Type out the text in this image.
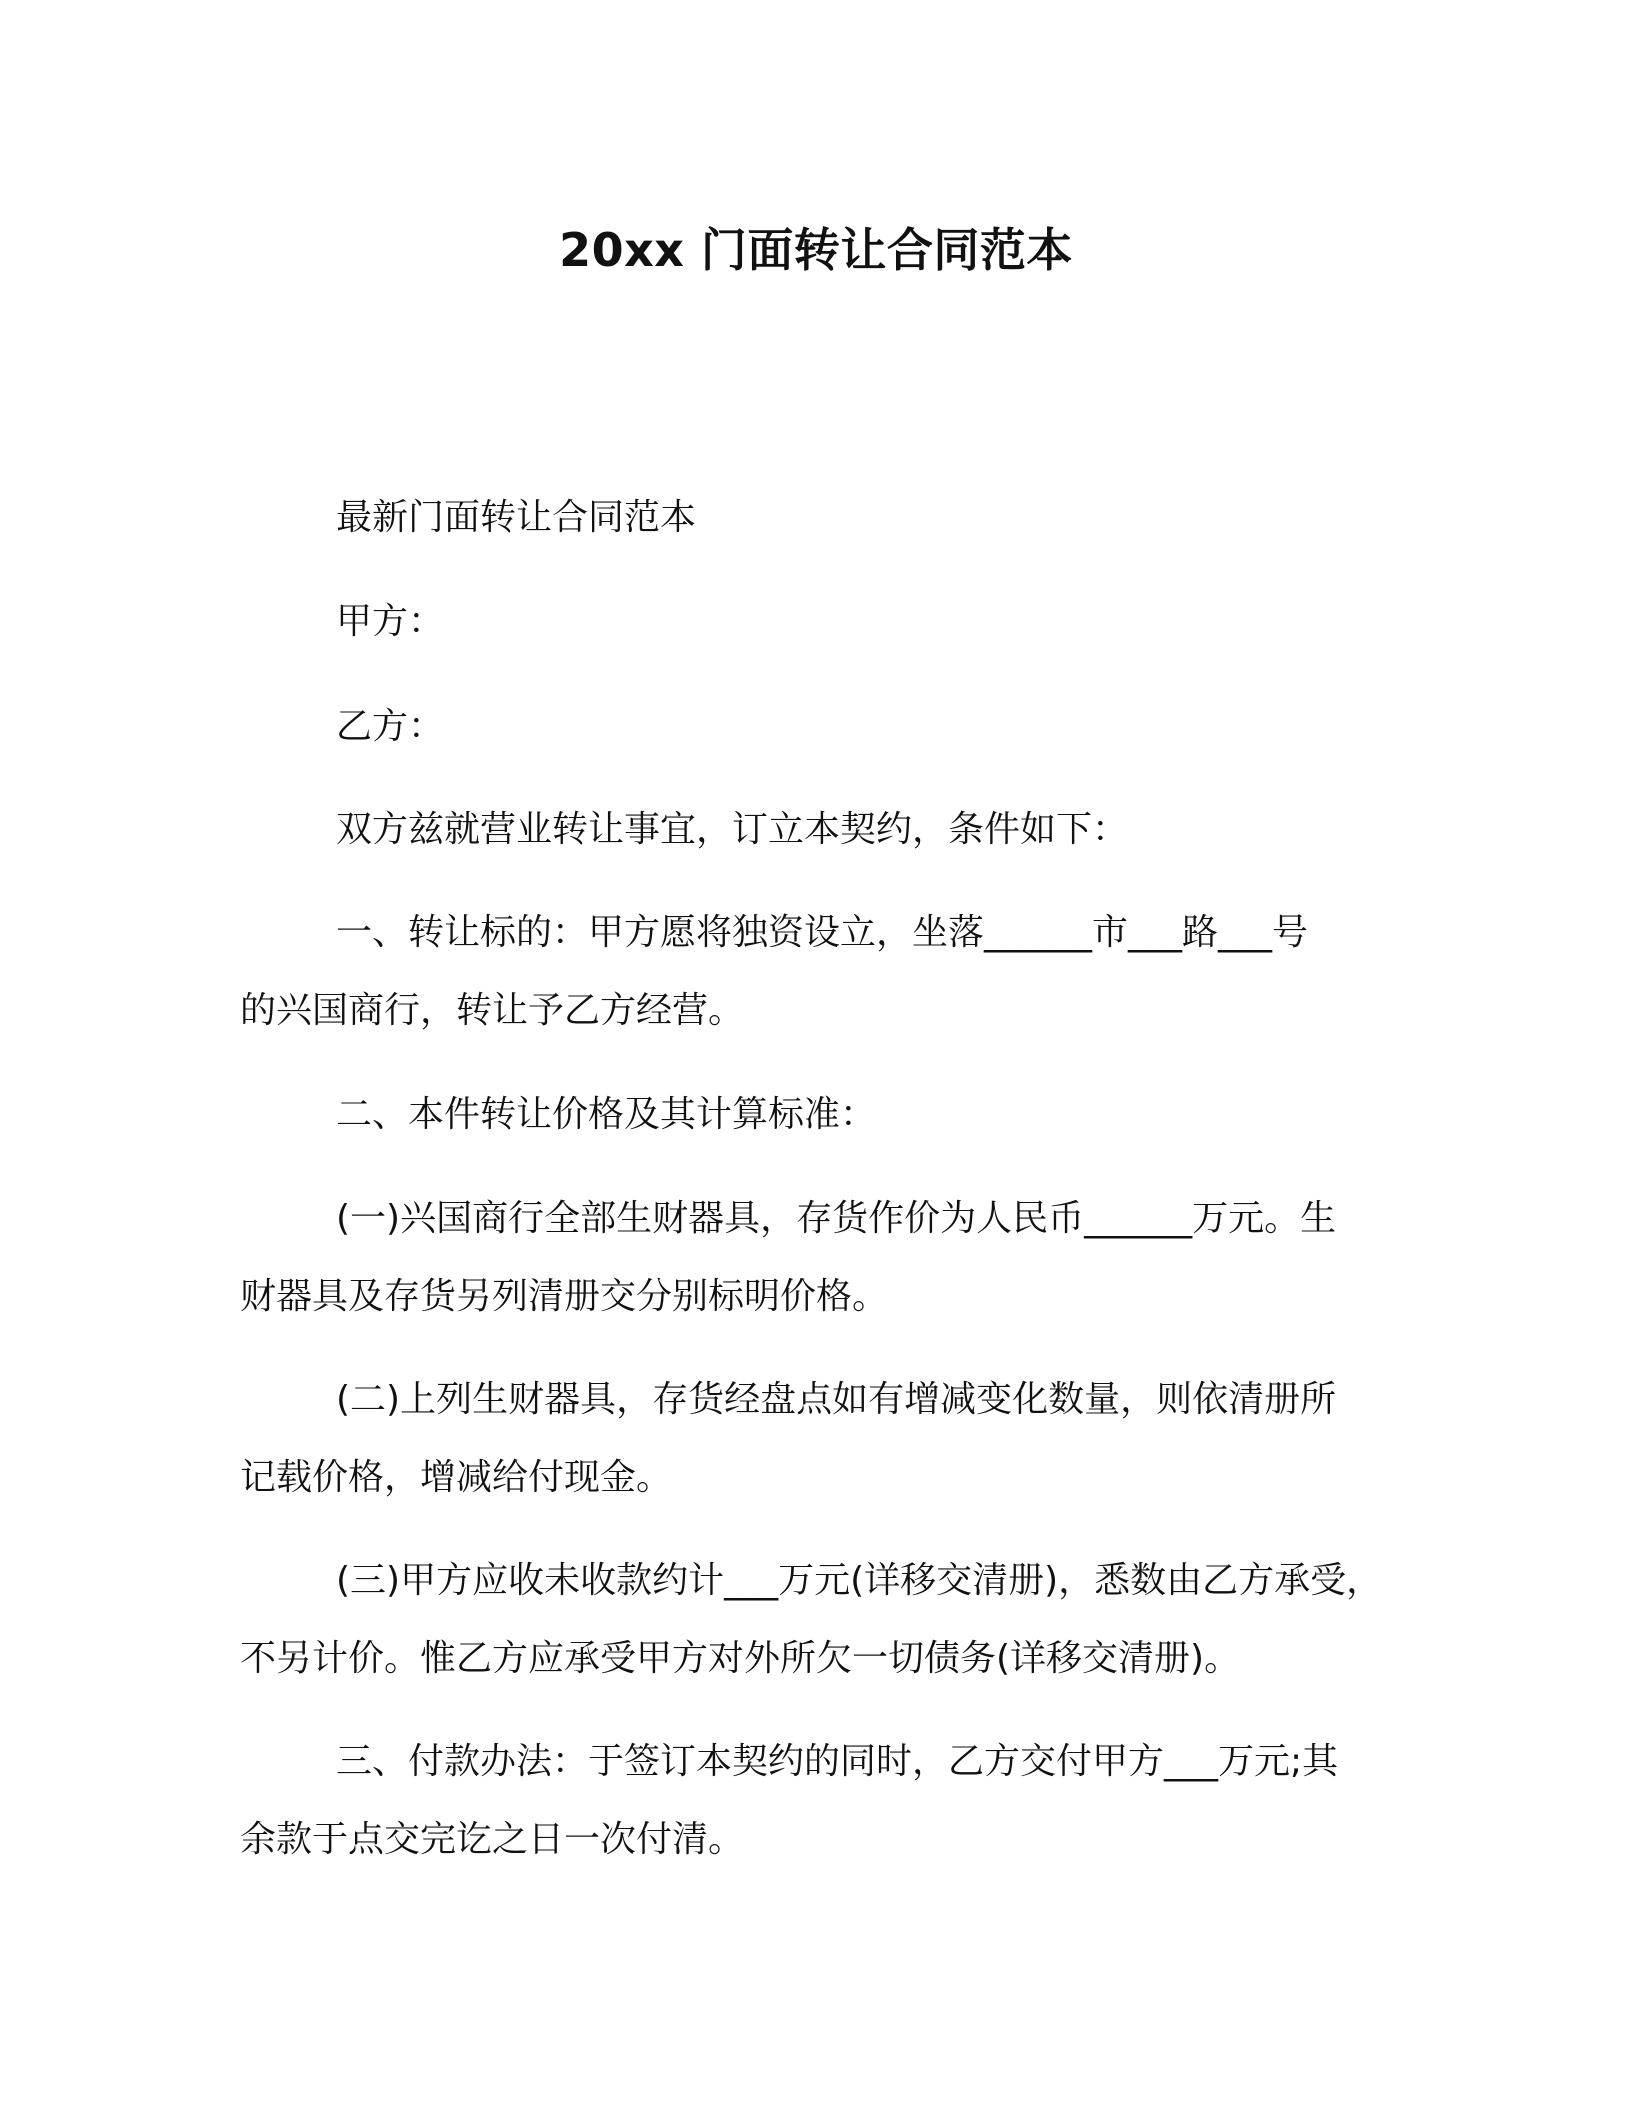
20xx 门面转让合同范本
最新门面转让合同范本
甲方：
乙方：
双方兹就营业转让事宜，订立本契约，条件如下：
一、转让标的：甲方愿将独资设立，坐落______市___路___号
的兴国商行，转让予乙方经营。
二、本件转让价格及其计算标准：
(一)兴国商行全部生财器具，存货作价为人民币______万元。生
财器具及存货另列清册交分别标明价格。
(二)上列生财器具，存货经盘点如有增减变化数量，则依清册所
记载价格，增减给付现金。
(三)甲方应收未收款约计___万元(详移交清册)，悉数由乙方承受，
不另计价。惟乙方应承受甲方对外所欠一切债务(详移交清册)。
三、付款办法：于签订本契约的同时，乙方交付甲方___万元;其
余款于点交完讫之日一次付清。
